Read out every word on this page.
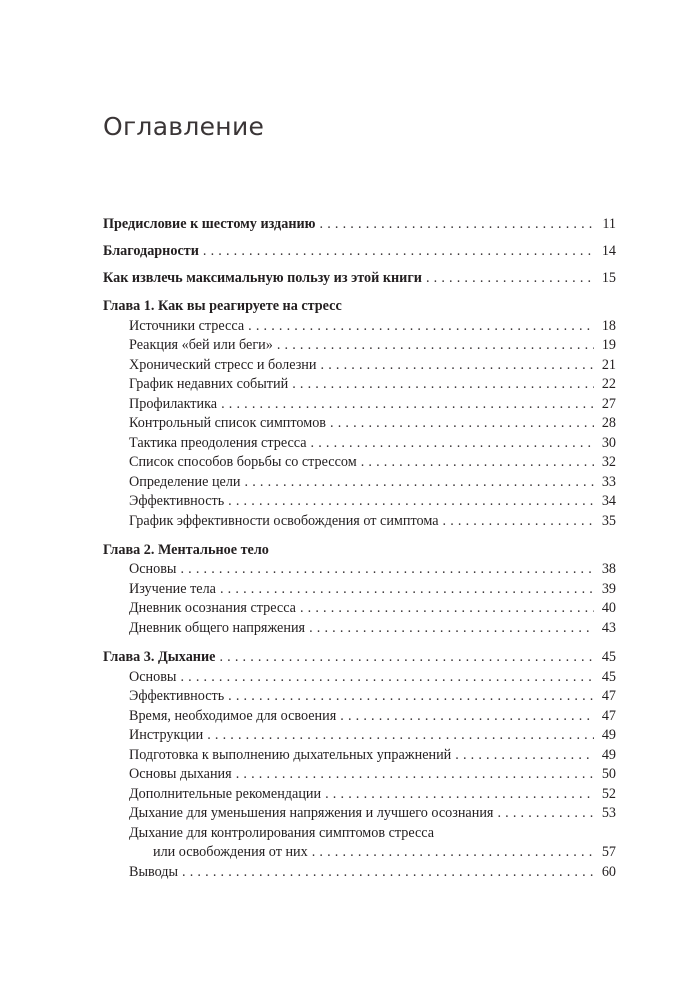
Оглавление
Предисловие к шестому изданию . . .	11
Благодарности . . .	14
Как извлечь максимальную пользу из этой книги . . .	15
Глава 1. Как вы реагируете на стресс
Источники стресса . . .	18
Реакция «бей или беги» . . .	19
Хронический стресс и болезни . . .	21
График недавних событий . . .	22
Профилактика . . .	27
Контрольный список симптомов . . .	28
Тактика преодоления стресса . . .	30
Список способов борьбы со стрессом . . .	32
Определение цели . . .	33
Эффективность . . .	34
График эффективности освобождения от симптома . . .	35
Глава 2. Ментальное тело
Основы . . .	38
Изучение тела . . .	39
Дневник осознания стресса . . .	40
Дневник общего напряжения . . .	43
Глава 3. Дыхание . . .	45
Основы . . .	45
Эффективность . . .	47
Время, необходимое для освоения . . .	47
Инструкции . . .	49
Подготовка к выполнению дыхательных упражнений . . .	49
Основы дыхания . . .	50
Дополнительные рекомендации . . .	52
Дыхание для уменьшения напряжения и лучшего осознания . . .	53
Дыхание для контролирования симптомов стресса
или освобождения от них . . .	57
Выводы . . .	60
